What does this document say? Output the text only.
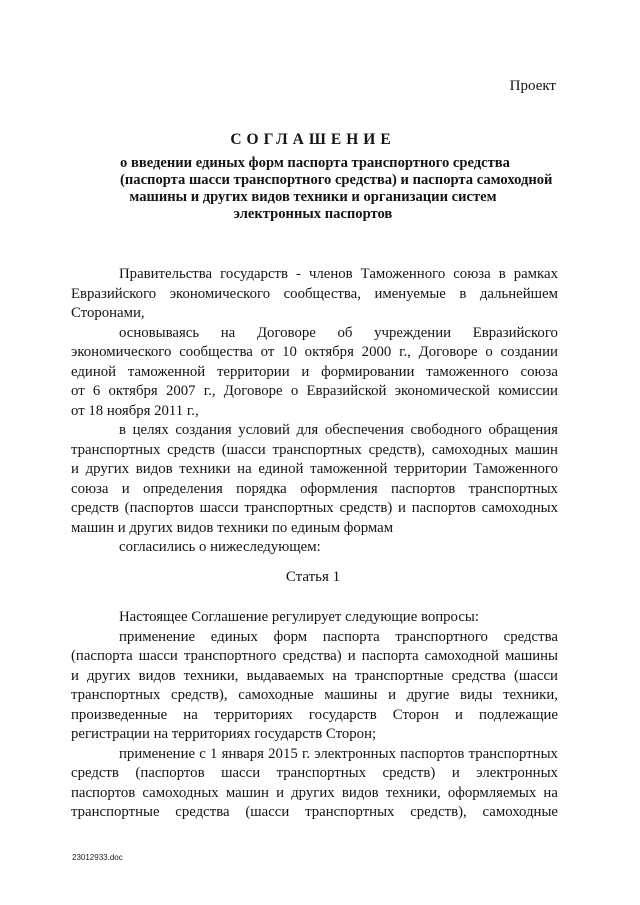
Проект
СОГЛАШЕНИЕ
о введении единых форм паспорта транспортного средства
(паспорта шасси транспортного средства) и паспорта самоходной
машины и других видов техники и организации систем
электронных паспортов
Правительства государств - членов Таможенного союза в рамках
Евразийского экономического сообщества, именуемые в дальнейшем
Сторонами,
основываясь на Договоре об учреждении Евразийского
экономического сообщества от 10 октября 2000 г., Договоре о создании
единой таможенной территории и формировании таможенного союза
от 6 октября 2007 г., Договоре о Евразийской экономической комиссии
от 18 ноября 2011 г.,
в целях создания условий для обеспечения свободного обращения
транспортных средств (шасси транспортных средств), самоходных машин
и других видов техники на единой таможенной территории Таможенного
союза и определения порядка оформления паспортов транспортных
средств (паспортов шасси транспортных средств) и паспортов самоходных
машин и других видов техники по единым формам
согласились о нижеследующем:
Статья 1
Настоящее Соглашение регулирует следующие вопросы:
применение единых форм паспорта транспортного средства
(паспорта шасси транспортного средства) и паспорта самоходной машины
и других видов техники, выдаваемых на транспортные средства (шасси
транспортных средств), самоходные машины и другие виды техники,
произведенные на территориях государств Сторон и подлежащие
регистрации на территориях государств Сторон;
применение с 1 января 2015 г. электронных паспортов транспортных
средств (паспортов шасси транспортных средств) и электронных
паспортов самоходных машин и других видов техники, оформляемых на
транспортные средства (шасси транспортных средств), самоходные
23012933.doc
